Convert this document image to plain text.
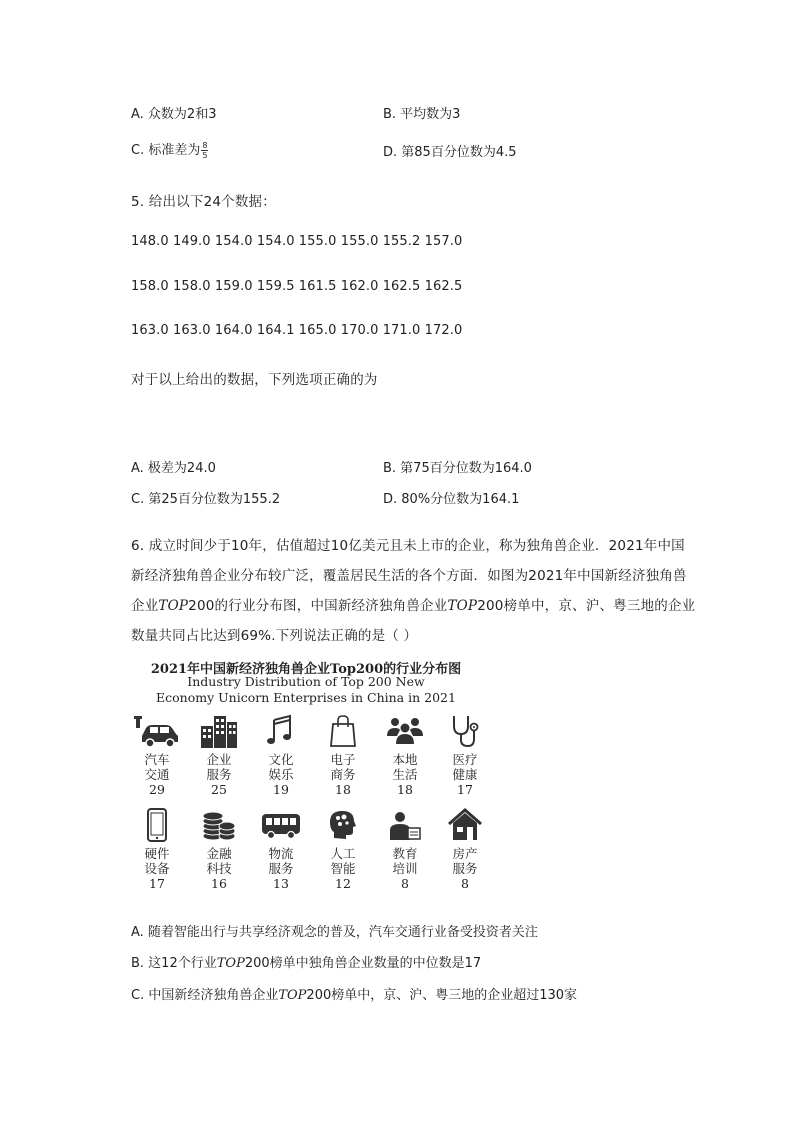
A. 众数为2和3	B. 平均数为3
C. 标准差为 $\frac{8}{5}$	D. 第85百分位数为4.5
5. 给出以下24个数据：
148.0 149.0 154.0 154.0 155.0 155.0 155.2 157.0
158.0 158.0 159.0 159.5 161.5 162.0 162.5 162.5
163.0 163.0 164.0 164.1 165.0 170.0 171.0 172.0
对于以上给出的数据，下列选项正确的为
A. 极差为24.0	B. 第75百分位数为164.0
C. 第25百分位数为155.2	D. 80%分位数为164.1
6. 成立时间少于10年，估值超过10亿美元且未上市的企业，称为独角兽企业．2021年中国
新经济独角兽企业分布较广泛，覆盖居民生活的各个方面．如图为2021年中国新经济独角兽
企业TOP200的行业分布图，中国新经济独角兽企业TOP200榜单中，京、沪、粤三地的企业
数量共同占比达到69%.下列说法正确的是（ ）
2021年中国新经济独角兽企业Top200的行业分布图
Industry Distribution of Top 200 New
Economy Unicorn Enterprises in China in 2021
汽车
交通
29
企业
服务
25
文化
娱乐
19
电子
商务
18
本地
生活
18
医疗
健康
17
硬件
设备
17
金融
科技
16
物流
服务
13
人工
智能
12
教育
培训
8
房产
服务
8
A. 随着智能出行与共享经济观念的普及，汽车交通行业备受投资者关注
B. 这12个行业TOP200榜单中独角兽企业数量的中位数是17
C. 中国新经济独角兽企业TOP200榜单中，京、沪、粤三地的企业超过130家
